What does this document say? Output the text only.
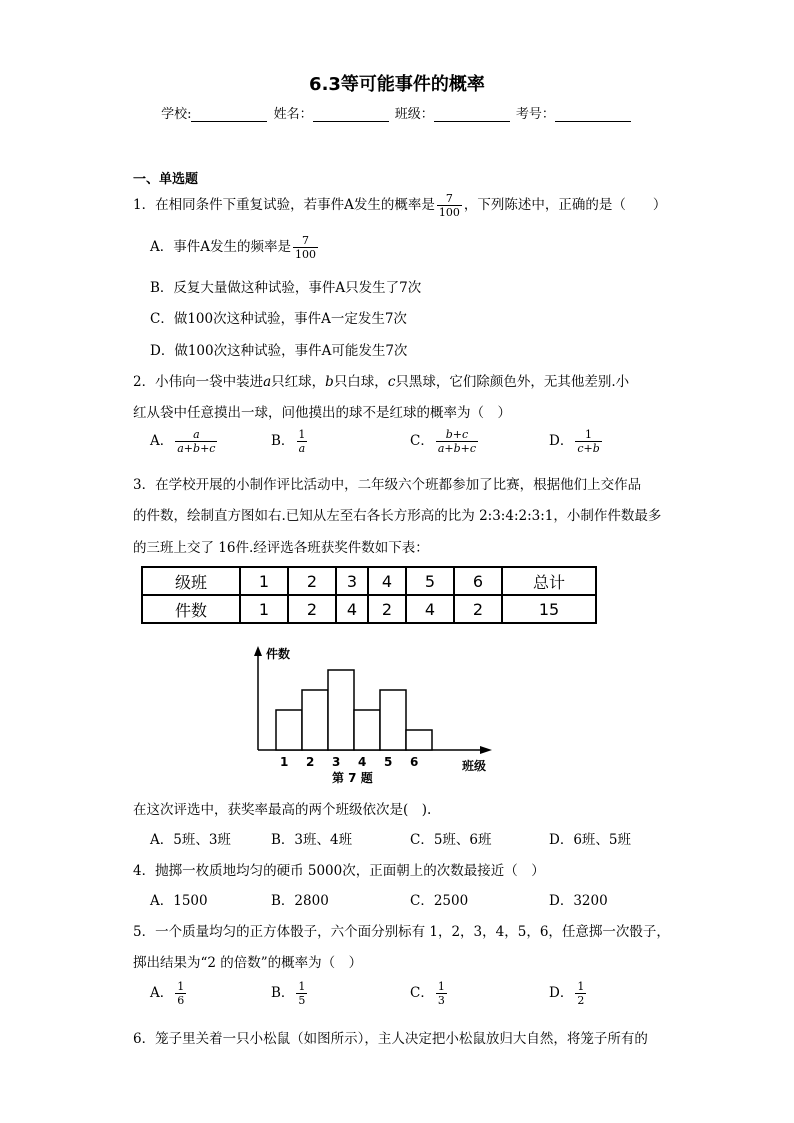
6.3等可能事件的概率
学校:	姓名：	班级：	考号：
一、单选题
1．在相同条件下重复试验，若事件A发生的概率是 $\frac{7}{100}$ ，下列陈述中，正确的是（　　）
A．事件A发生的频率是 $\frac{7}{100}$
B．反复大量做这种试验，事件A只发生了7次
C．做100次这种试验，事件A一定发生7次
D．做100次这种试验，事件A可能发生7次
2．小伟向一袋中装进a只红球，b只白球，c只黑球，它们除颜色外，无其他差别.小
红从袋中任意摸出一球，问他摸出的球不是红球的概率为（　）
A． $\frac{a}{a+b+c}$	B． $\frac{1}{a}$	C． $\frac{b+c}{a+b+c}$	D． $\frac{1}{c+b}$
3．在学校开展的小制作评比活动中，二年级六个班都参加了比赛，根据他们上交作品
的件数，绘制直方图如右.已知从左至右各长方形高的比为 2:3:4:2:3:1，小制作件数最多
的三班上交了 16件.经评选各班获奖件数如下表：
级班	1	2	3	4	5	6	总计
件数	1	2	4	2	4	2	15
件数
1 2 3 4 5 6	班级
第 7 题
在这次评选中，获奖率最高的两个班级依次是(　).
A．5班、3班	B．3班、4班	C．5班、6班	D．6班、5班
4．抛掷一枚质地均匀的硬币 5000次，正面朝上的次数最接近（　）
A．1500	B．2800	C．2500	D．3200
5．一个质量均匀的正方体骰子，六个面分别标有 1，2，3，4，5，6，任意掷一次骰子，
掷出结果为“2 的倍数”的概率为（　）
A． $\frac{1}{6}$	B． $\frac{1}{5}$	C． $\frac{1}{3}$	D． $\frac{1}{2}$
6．笼子里关着一只小松鼠（如图所示），主人决定把小松鼠放归大自然，将笼子所有的
